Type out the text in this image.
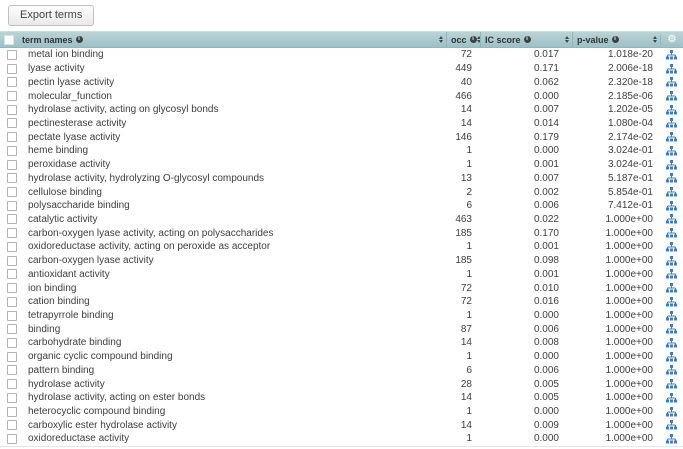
Export terms
term names	i	occ	i	IC score	i	p-value	i	⚙
metal ion binding	72	0.017	1.018e-20
lyase activity	449	0.171	2.006e-18
pectin lyase activity	40	0.062	2.320e-18
molecular_function	466	0.000	2.185e-06
hydrolase activity, acting on glycosyl bonds	14	0.007	1.202e-05
pectinesterase activity	14	0.014	1.080e-04
pectate lyase activity	146	0.179	2.174e-02
heme binding	1	0.000	3.024e-01
peroxidase activity	1	0.001	3.024e-01
hydrolase activity, hydrolyzing O-glycosyl compounds	13	0.007	5.187e-01
cellulose binding	2	0.002	5.854e-01
polysaccharide binding	6	0.006	7.412e-01
catalytic activity	463	0.022	1.000e+00
carbon-oxygen lyase activity, acting on polysaccharides	185	0.170	1.000e+00
oxidoreductase activity, acting on peroxide as acceptor	1	0.001	1.000e+00
carbon-oxygen lyase activity	185	0.098	1.000e+00
antioxidant activity	1	0.001	1.000e+00
ion binding	72	0.010	1.000e+00
cation binding	72	0.016	1.000e+00
tetrapyrrole binding	1	0.000	1.000e+00
binding	87	0.006	1.000e+00
carbohydrate binding	14	0.008	1.000e+00
organic cyclic compound binding	1	0.000	1.000e+00
pattern binding	6	0.006	1.000e+00
hydrolase activity	28	0.005	1.000e+00
hydrolase activity, acting on ester bonds	14	0.005	1.000e+00
heterocyclic compound binding	1	0.000	1.000e+00
carboxylic ester hydrolase activity	14	0.009	1.000e+00
oxidoreductase activity	1	0.000	1.000e+00
